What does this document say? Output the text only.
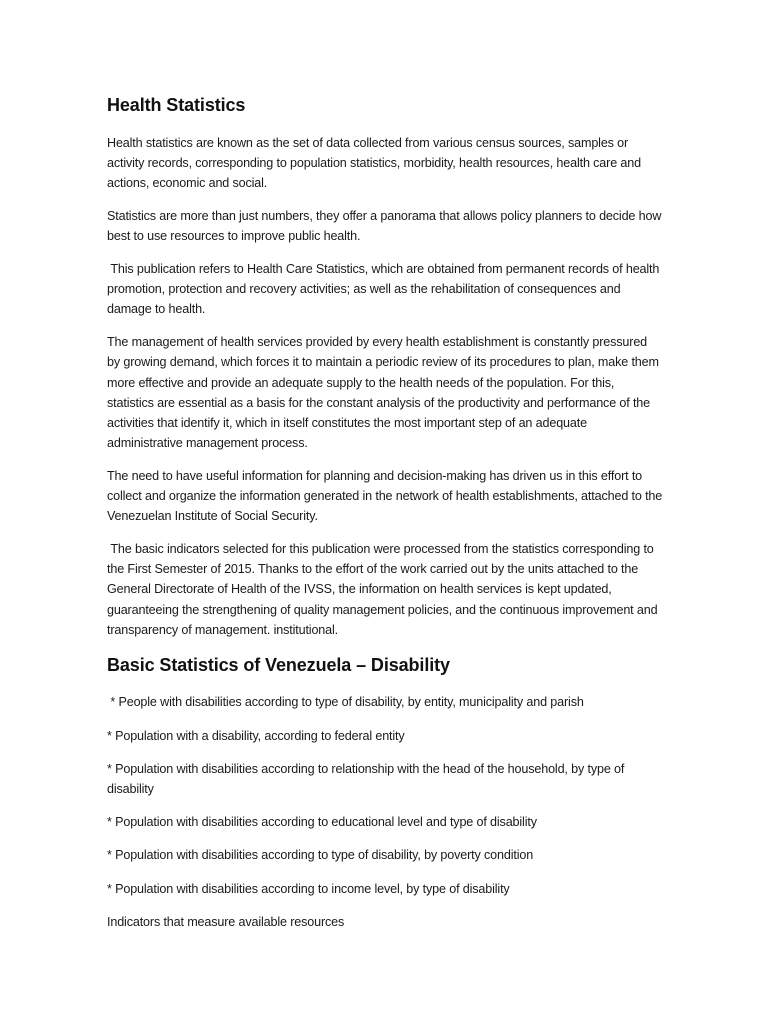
Health Statistics

Health statistics are known as the set of data collected from various census sources, samples or activity records, corresponding to population statistics, morbidity, health resources, health care and actions, economic and social.

Statistics are more than just numbers, they offer a panorama that allows policy planners to decide how best to use resources to improve public health.

This publication refers to Health Care Statistics, which are obtained from permanent records of health promotion, protection and recovery activities; as well as the rehabilitation of consequences and damage to health.

The management of health services provided by every health establishment is constantly pressured by growing demand, which forces it to maintain a periodic review of its procedures to plan, make them more effective and provide an adequate supply to the health needs of the population. For this, statistics are essential as a basis for the constant analysis of the productivity and performance of the activities that identify it, which in itself constitutes the most important step of an adequate administrative management process.

The need to have useful information for planning and decision-making has driven us in this effort to collect and organize the information generated in the network of health establishments, attached to the Venezuelan Institute of Social Security.

The basic indicators selected for this publication were processed from the statistics corresponding to the First Semester of 2015. Thanks to the effort of the work carried out by the units attached to the General Directorate of Health of the IVSS, the information on health services is kept updated, guaranteeing the strengthening of quality management policies, and the continuous improvement and transparency of management. institutional.

Basic Statistics of Venezuela – Disability

* People with disabilities according to type of disability, by entity, municipality and parish

* Population with a disability, according to federal entity

* Population with disabilities according to relationship with the head of the household, by type of disability

* Population with disabilities according to educational level and type of disability

* Population with disabilities according to type of disability, by poverty condition

* Population with disabilities according to income level, by type of disability

Indicators that measure available resources
